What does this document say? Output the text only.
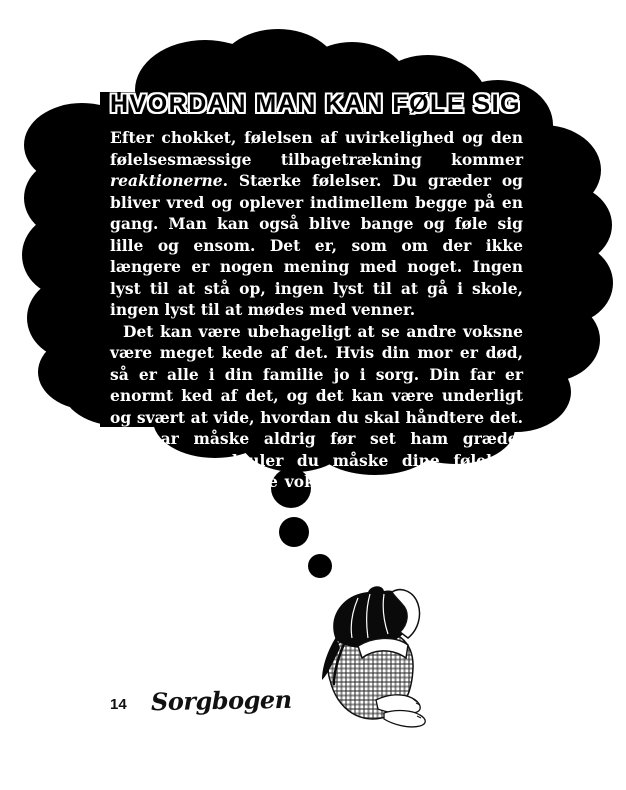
HVORDAN MAN KAN FØLE SIG

Efter chokket, følelsen af uvirkelighed og den følelsesmæssige tilbagetrækning kommer reaktionerne. Stærke følelser. Du græder og bliver vred og oplever indimellem begge på en gang. Man kan også blive bange og føle sig lille og ensom. Det er, som om der ikke længere er nogen mening med noget. Ingen lyst til at stå op, ingen lyst til at gå i skole, ingen lyst til at mødes med venner.

Det kan være ubehageligt at se andre voksne være meget kede af det. Hvis din mor er død, så er alle i din familie jo i sorg. Din far er enormt ked af det, og det kan være underligt og svært at vide, hvordan du skal håndtere det. Du har måske aldrig før set ham græde. Indimellem skjuler du måske dine følelser, fordi du tror, at de voksne eller vennerne ikke kan forstå dem.

14 Sorgbogen
